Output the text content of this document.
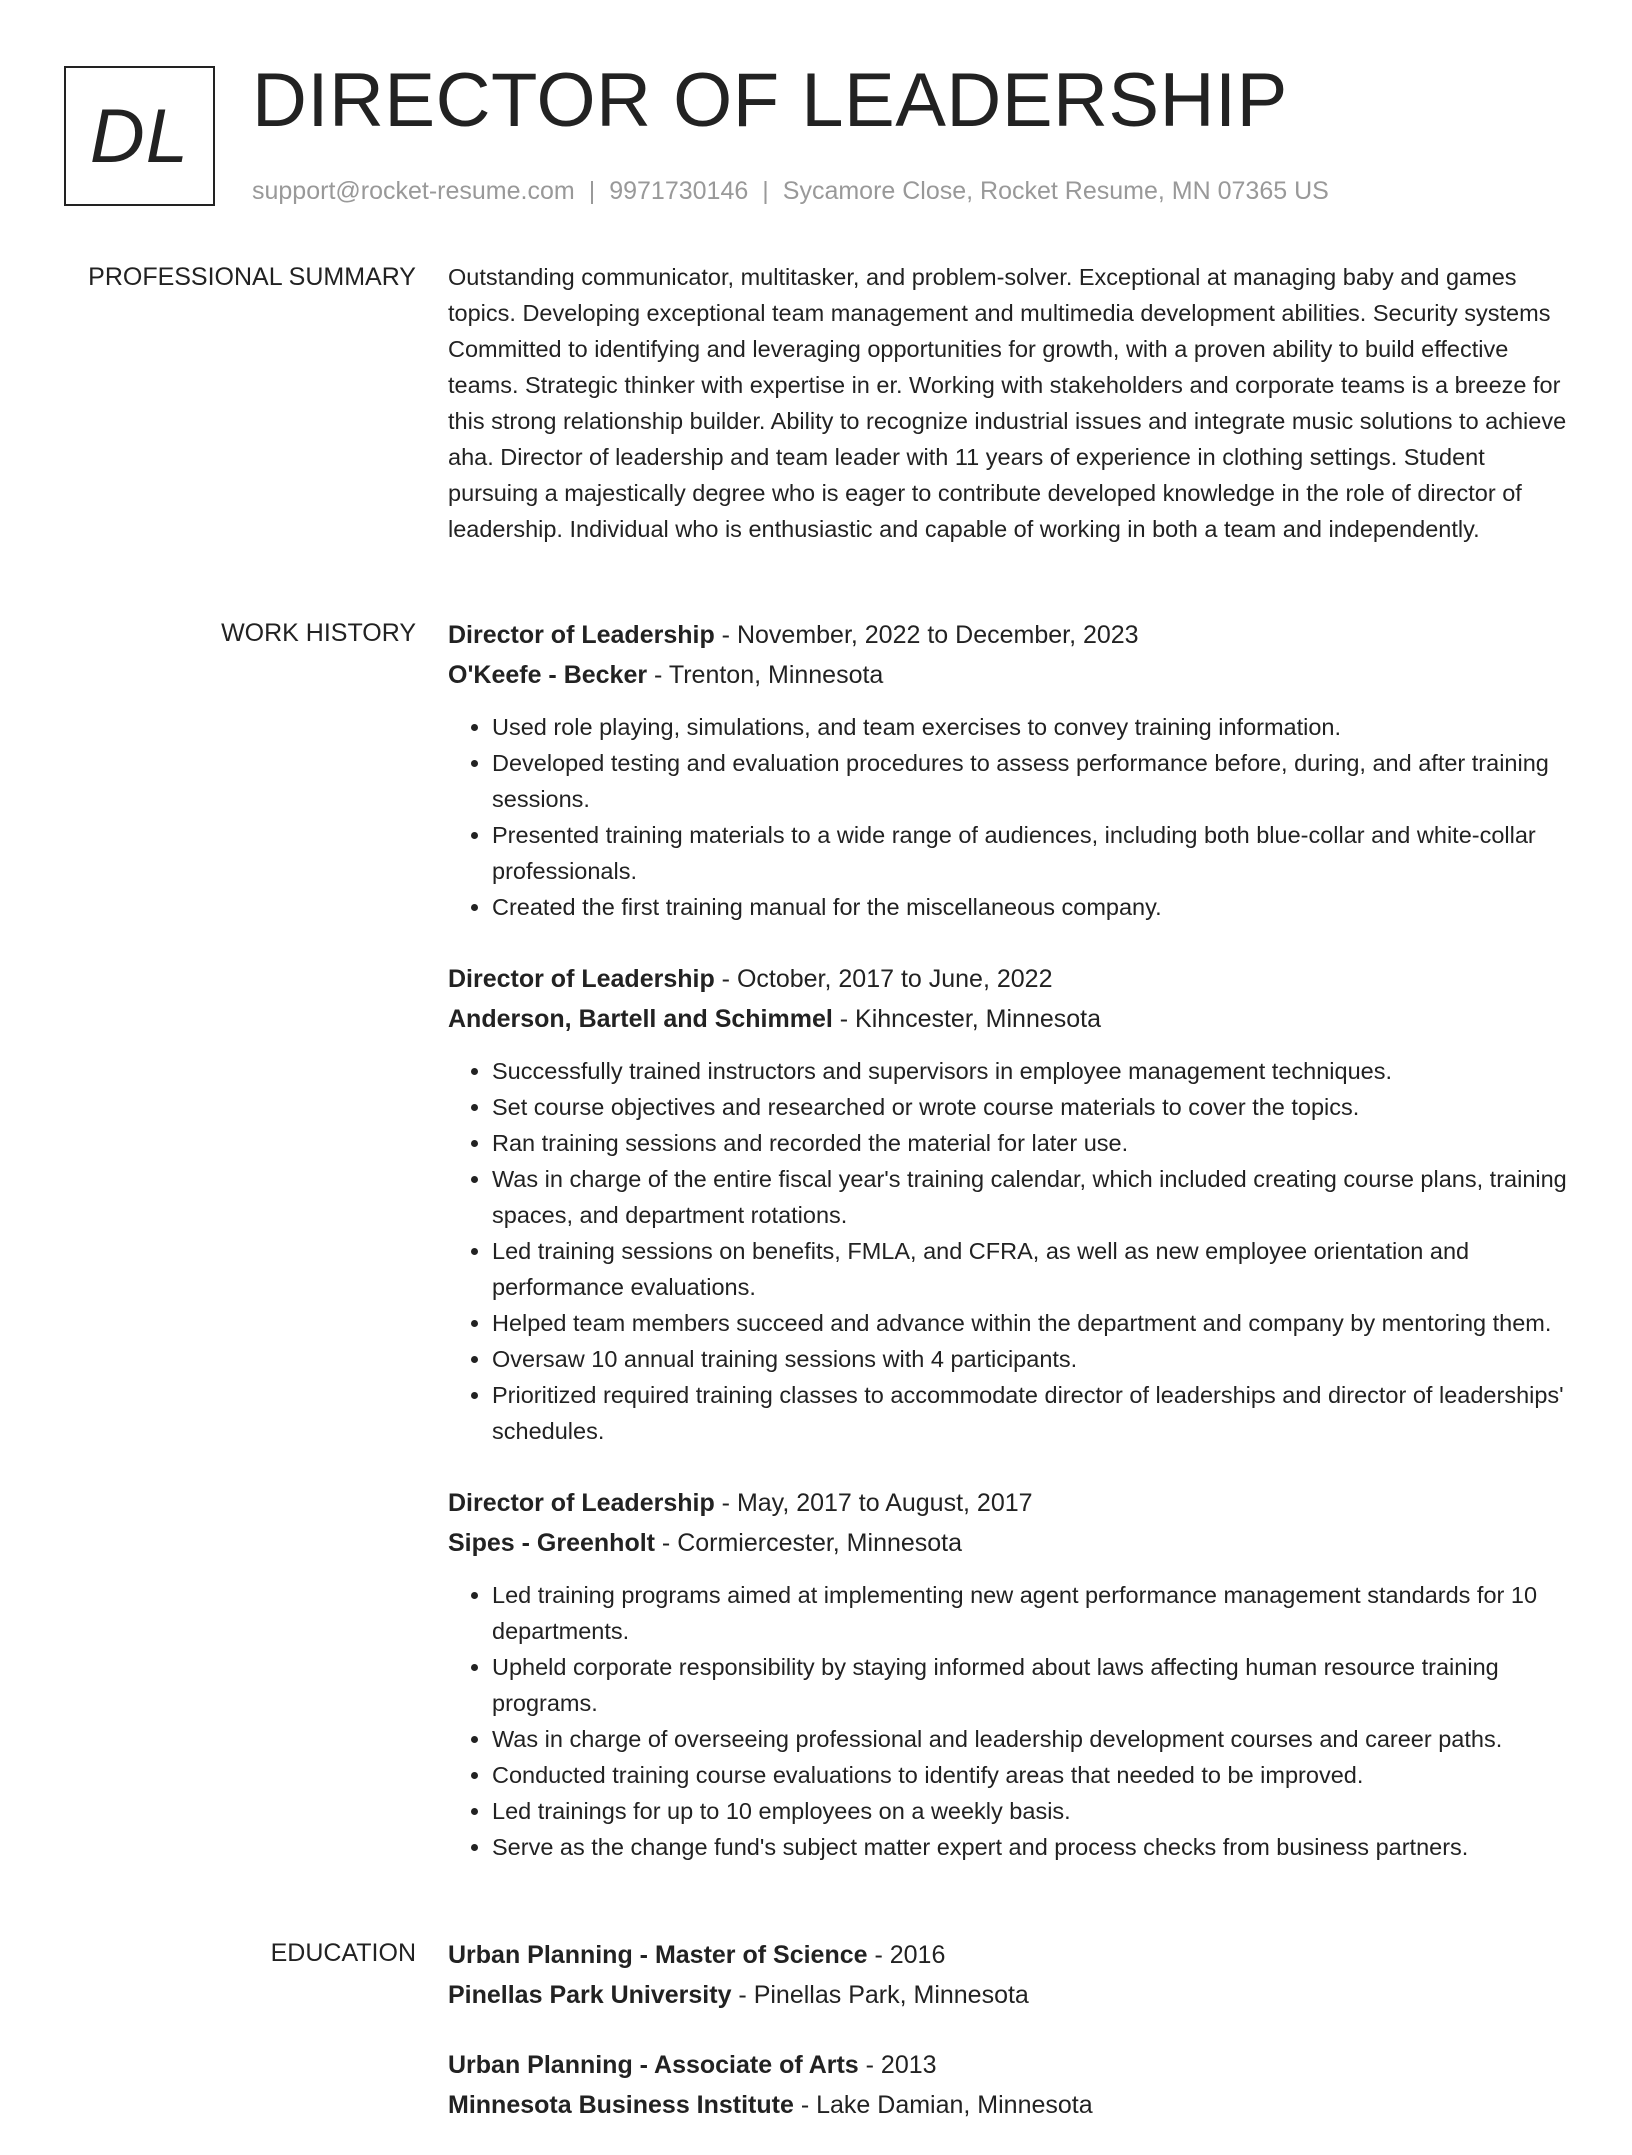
DL DIRECTOR OF LEADERSHIP
support@rocket-resume.com | 9971730146 | Sycamore Close, Rocket Resume, MN 07365 US
PROFESSIONAL SUMMARY Outstanding communicator, multitasker, and problem-solver. Exceptional at managing baby and games topics. Developing exceptional team management and multimedia development abilities. Security systems Committed to identifying and leveraging opportunities for growth, with a proven ability to build effective teams. Strategic thinker with expertise in er. Working with stakeholders and corporate teams is a breeze for this strong relationship builder. Ability to recognize industrial issues and integrate music solutions to achieve aha. Director of leadership and team leader with 11 years of experience in clothing settings. Student pursuing a majestically degree who is eager to contribute developed knowledge in the role of director of leadership. Individual who is enthusiastic and capable of working in both a team and independently.

WORK HISTORY Director of Leadership - November, 2022 to December, 2023
O'Keefe - Becker - Trenton, Minnesota
• Used role playing, simulations, and team exercises to convey training information.
• Developed testing and evaluation procedures to assess performance before, during, and after training sessions.
• Presented training materials to a wide range of audiences, including both blue-collar and white-collar professionals.
• Created the first training manual for the miscellaneous company.
Director of Leadership - October, 2017 to June, 2022
Anderson, Bartell and Schimmel - Kihncester, Minnesota
• Successfully trained instructors and supervisors in employee management techniques.
• Set course objectives and researched or wrote course materials to cover the topics.
• Ran training sessions and recorded the material for later use.
• Was in charge of the entire fiscal year's training calendar, which included creating course plans, training spaces, and department rotations.
• Led training sessions on benefits, FMLA, and CFRA, as well as new employee orientation and performance evaluations.
• Helped team members succeed and advance within the department and company by mentoring them.
• Oversaw 10 annual training sessions with 4 participants.
• Prioritized required training classes to accommodate director of leaderships and director of leaderships' schedules.
Director of Leadership - May, 2017 to August, 2017
Sipes - Greenholt - Cormiercester, Minnesota
• Led training programs aimed at implementing new agent performance management standards for 10 departments.
• Upheld corporate responsibility by staying informed about laws affecting human resource training programs.
• Was in charge of overseeing professional and leadership development courses and career paths.
• Conducted training course evaluations to identify areas that needed to be improved.
• Led trainings for up to 10 employees on a weekly basis.
• Serve as the change fund's subject matter expert and process checks from business partners.
EDUCATION Urban Planning - Master of Science - 2016
Pinellas Park University - Pinellas Park, Minnesota
Urban Planning - Associate of Arts - 2013
Minnesota Business Institute - Lake Damian, Minnesota
